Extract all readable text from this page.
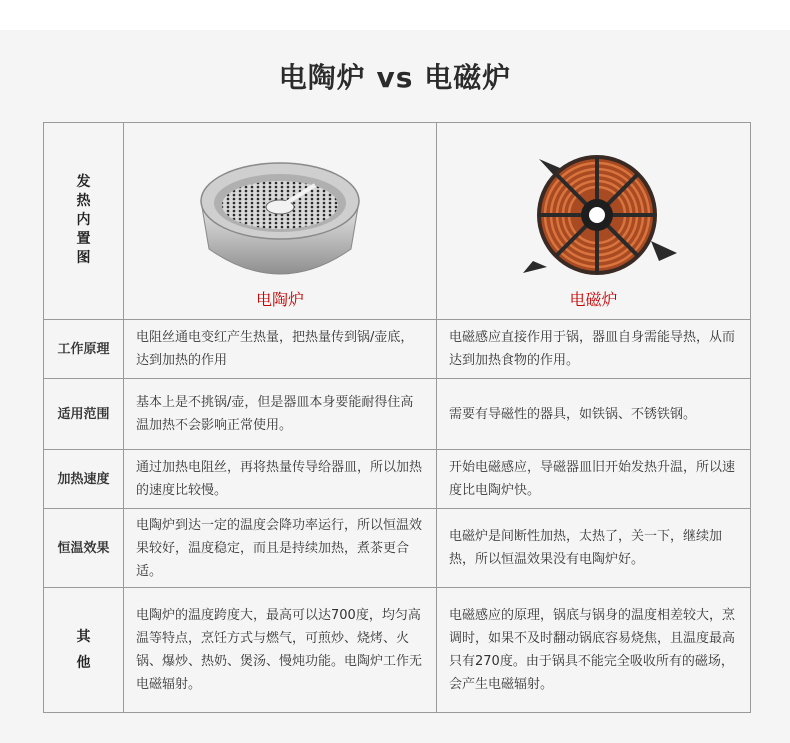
电陶炉 vs 电磁炉
发热内置图	电陶炉	电磁炉

工作原理	电阻丝通电变红产生热量，把热量传到锅/壶底，达到加热的作用	电磁感应直接作用于锅，器皿自身需能导热，从而达到加热食物的作用。
适用范围	基本上是不挑锅/壶，但是器皿本身要能耐得住高温加热不会影响正常使用。	需要有导磁性的器具，如铁锅、不锈铁钢。
加热速度	通过加热电阻丝，再将热量传导给器皿，所以加热的速度比较慢。	开始电磁感应，导磁器皿旧开始发热升温，所以速度比电陶炉快。
恒温效果	电陶炉到达一定的温度会降功率运行，所以恒温效果较好，温度稳定，而且是持续加热，煮茶更合适。	电磁炉是间断性加热，太热了，关一下，继续加热，所以恒温效果没有电陶炉好。
其他	电陶炉的温度跨度大，最高可以达700度，均匀高温等特点，烹饪方式与燃气，可煎炒、烧烤、火锅、爆炒、热奶、煲汤、慢炖功能。电陶炉工作无电磁辐射。	电磁感应的原理，锅底与锅身的温度相差较大，烹调时，如果不及时翻动锅底容易烧焦，且温度最高只有270度。由于锅具不能完全吸收所有的磁场，会产生电磁辐射。
